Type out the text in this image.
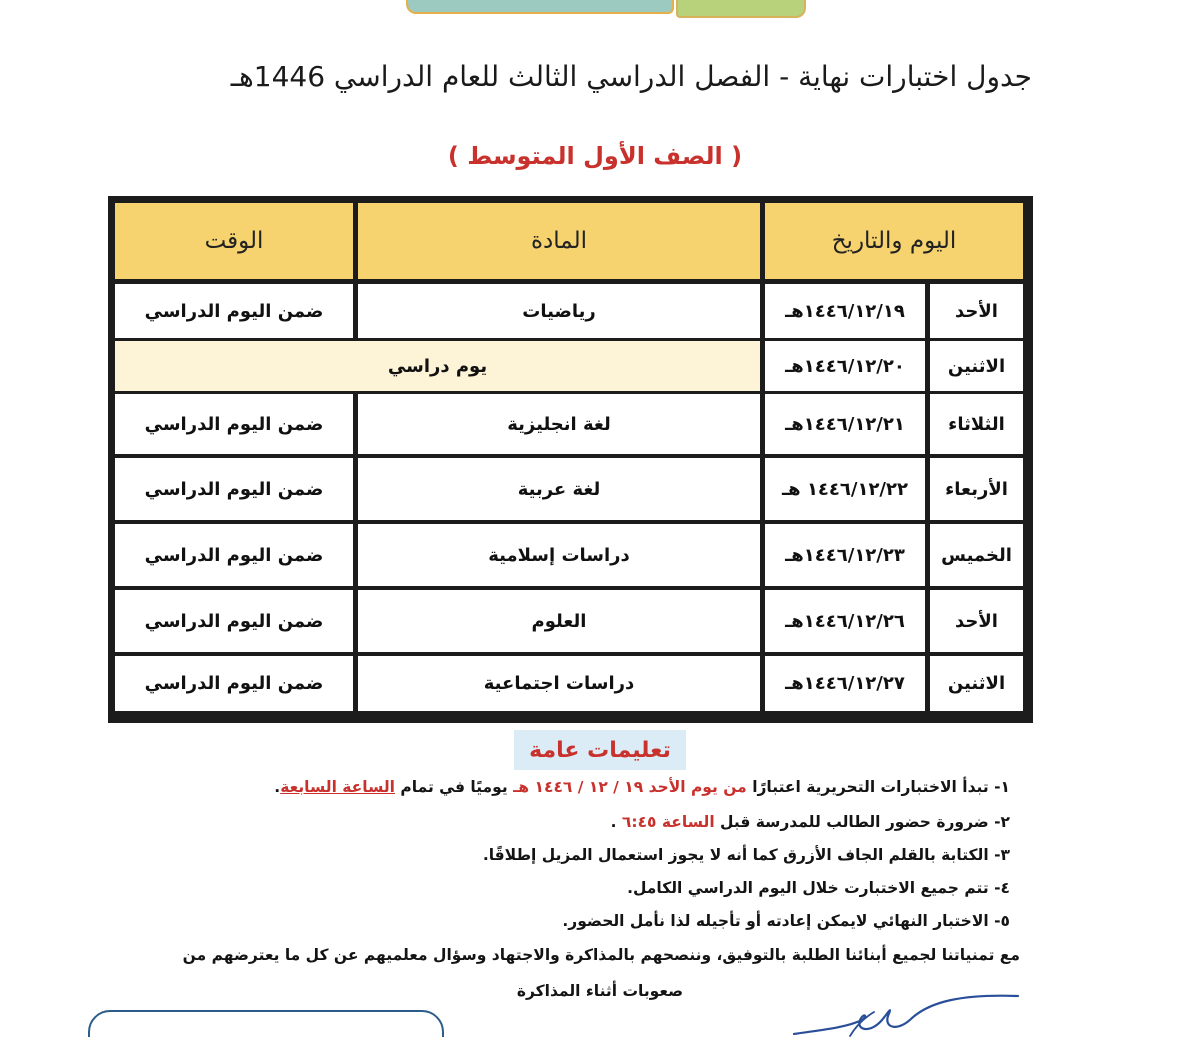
جدول اختبارات نهاية - الفصل الدراسي الثالث للعام الدراسي 1446هـ
( الصف الأول المتوسط )
اليوم والتاريخ
المادة
الوقت
الأحد
١٤٤٦/١٢/١٩هـ
رياضيات
ضمن اليوم الدراسي
الاثنين
١٤٤٦/١٢/٢٠هـ
يوم دراسي
الثلاثاء
١٤٤٦/١٢/٢١هـ
لغة انجليزية
ضمن اليوم الدراسي
الأربعاء
١٤٤٦/١٢/٢٢ هـ
لغة عربية
ضمن اليوم الدراسي
الخميس
١٤٤٦/١٢/٢٣هـ
دراسات إسلامية
ضمن اليوم الدراسي
الأحد
١٤٤٦/١٢/٢٦هـ
العلوم
ضمن اليوم الدراسي
الاثنين
١٤٤٦/١٢/٢٧هـ
دراسات اجتماعية
ضمن اليوم الدراسي
تعليمات عامة
١- تبدأ الاختبارات التحريرية اعتبارًا من يوم الأحد ١٩ / ١٢ / ١٤٤٦ هـ يوميًا في تمام الساعة السابعة.
٢- ضرورة حضور الطالب للمدرسة قبل الساعة ٦:٤٥ .
٣- الكتابة بالقلم الجاف الأزرق كما أنه لا يجوز استعمال المزيل إطلاقًا.
٤- تتم جميع الاختبارت خلال اليوم الدراسي الكامل.
٥- الاختبار النهائي لايمكن إعادته أو تأجيله لذا نأمل الحضور.
مع تمنياتنا لجميع أبنائنا الطلبة بالتوفيق، وننصحهم بالمذاكرة والاجتهاد وسؤال معلميهم عن كل ما يعترضهم من
صعوبات أثناء المذاكرة
